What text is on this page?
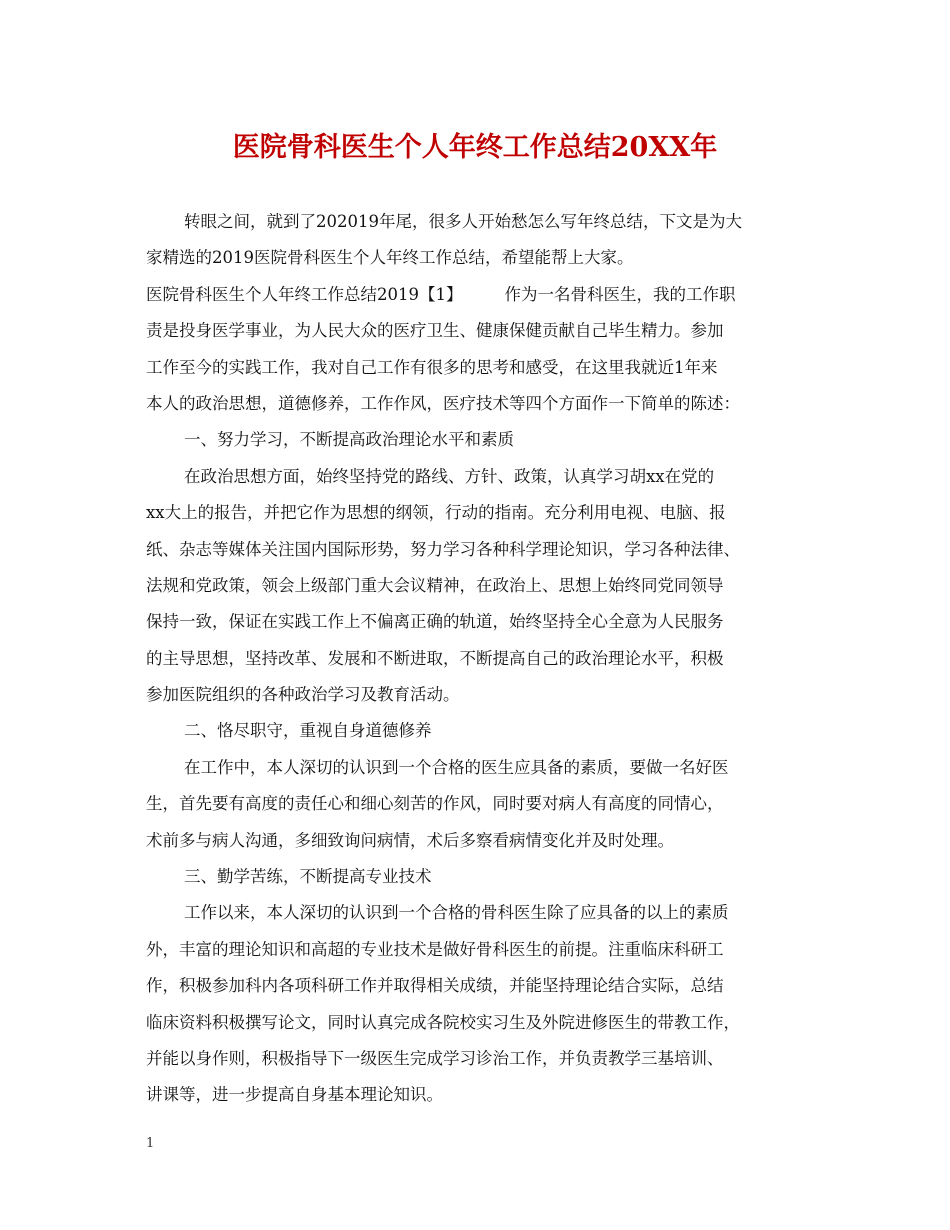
医院骨科医生个人年终工作总结20XX年
转眼之间，就到了202019年尾，很多人开始愁怎么写年终总结，下文是为大
家精选的2019医院骨科医生个人年终工作总结，希望能帮上大家。
医院骨科医生个人年终工作总结2019【1】	作为一名骨科医生，我的工作职
责是投身医学事业，为人民大众的医疗卫生、健康保健贡献自己毕生精力。参加
工作至今的实践工作，我对自己工作有很多的思考和感受，在这里我就近1年来
本人的政治思想，道德修养，工作作风，医疗技术等四个方面作一下简单的陈述：
一、努力学习，不断提高政治理论水平和素质
在政治思想方面，始终坚持党的路线、方针、政策，认真学习胡xx在党的
xx大上的报告，并把它作为思想的纲领，行动的指南。充分利用电视、电脑、报
纸、杂志等媒体关注国内国际形势，努力学习各种科学理论知识，学习各种法律、
法规和党政策，领会上级部门重大会议精神，在政治上、思想上始终同党同领导
保持一致，保证在实践工作上不偏离正确的轨道，始终坚持全心全意为人民服务
的主导思想，坚持改革、发展和不断进取，不断提高自己的政治理论水平，积极
参加医院组织的各种政治学习及教育活动。
二、恪尽职守，重视自身道德修养
在工作中，本人深切的认识到一个合格的医生应具备的素质，要做一名好医
生，首先要有高度的责任心和细心刻苦的作风，同时要对病人有高度的同情心，
术前多与病人沟通，多细致询问病情，术后多察看病情变化并及时处理。
三、勤学苦练，不断提高专业技术
工作以来，本人深切的认识到一个合格的骨科医生除了应具备的以上的素质
外，丰富的理论知识和高超的专业技术是做好骨科医生的前提。注重临床科研工
作，积极参加科内各项科研工作并取得相关成绩，并能坚持理论结合实际，总结
临床资料积极撰写论文，同时认真完成各院校实习生及外院进修医生的带教工作，
并能以身作则，积极指导下一级医生完成学习诊治工作，并负责教学三基培训、
讲课等，进一步提高自身基本理论知识。
1
